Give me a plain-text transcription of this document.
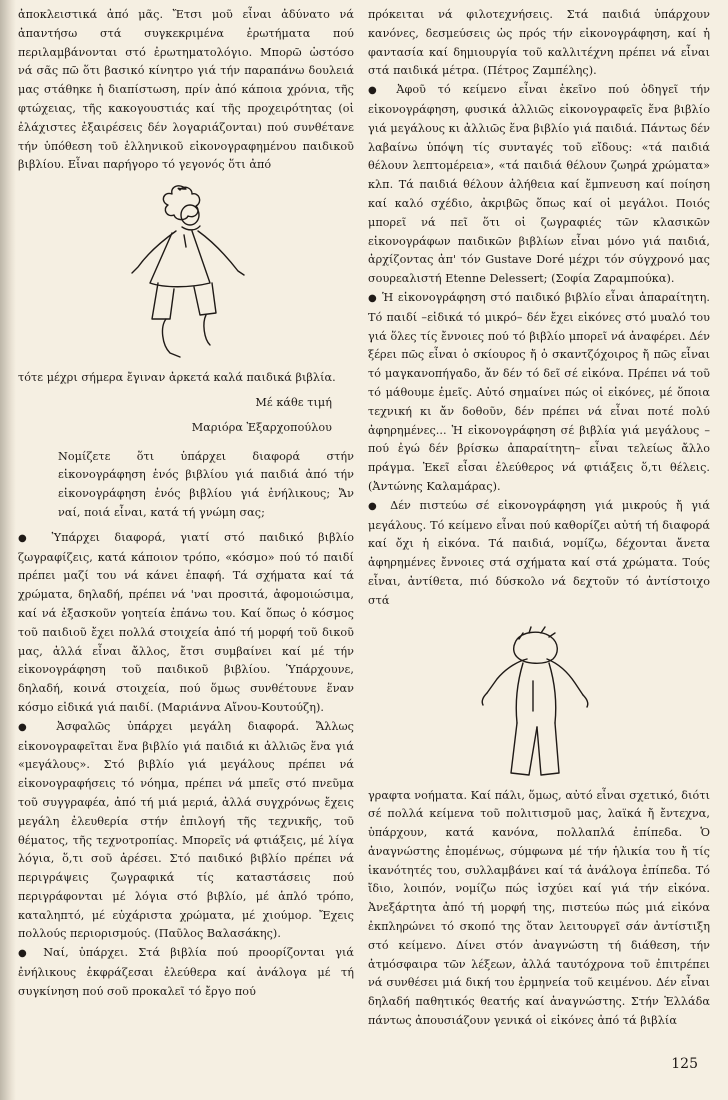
ἀποκλειστικά ἀπό μᾶς. Ἔτσι μοῦ εἶναι ἀδύνατο νά ἀπαντήσω στά συγκεκριμένα ἐρωτήματα πού περιλαμβάνονται στό ἐρωτηματολόγιο. Μπορῶ ὡστόσο νά σᾶς πῶ ὅτι βασικό κίνητρο γιά τήν παραπάνω δουλειά μας στάθηκε ἡ διαπίστωση, πρίν ἀπό κάποια χρόνια, τῆς φτώχειας, τῆς κακογουστιάς καί τῆς προχειρότητας (οἱ ἐλάχιστες ἐξαιρέσεις δέν λογαριάζονται) πού συνθέτανε τήν ὑπόθεση τοῦ ἑλληνικοῦ εἰκονογραφημένου παιδικοῦ βιβλίου. Εἶναι παρήγορο τό γεγονός ὅτι ἀπό

τότε μέχρι σήμερα ἔγιναν ἀρκετά καλά παιδικά βιβλία.

Μέ κάθε τιμή

Μαριόρα Ἐξαρχοπούλου

Νομίζετε ὅτι ὑπάρχει διαφορά στήν εἰκονογράφηση ἑνός βιβλίου γιά παιδιά ἀπό τήν εἰκονογράφηση ἑνός βιβλίου γιά ἐνήλικους; Ἄν ναί, ποιά εἶναι, κατά τή γνώμη σας;

● Ὑπάρχει διαφορά, γιατί στό παιδικό βιβλίο ζωγραφίζεις, κατά κάποιον τρόπο, «κόσμο» πού τό παιδί πρέπει μαζί του νά κάνει ἐπαφή. Τά σχήματα καί τά χρώματα, δηλαδή, πρέπει νά 'ναι προσιτά, ἀφομοιώσιμα, καί νά ἐξασκοῦν γοητεία ἐπάνω του. Καί ὅπως ὁ κόσμος τοῦ παιδιοῦ ἔχει πολλά στοιχεία ἀπό τή μορφή τοῦ δικοῦ μας, ἀλλά εἶναι ἄλλος, ἔτσι συμβαίνει καί μέ τήν εἰκονογράφηση τοῦ παιδικοῦ βιβλίου. Ὑπάρχουνε, δηλαδή, κοινά στοιχεία, πού ὅμως συνθέτουνε ἕναν κόσμο εἰδικά γιά παιδί. (Μαριάννα Αἴνου-Κουτούζη).

● Ἀσφαλῶς ὑπάρχει μεγάλη διαφορά. Ἄλλως εἰκονογραφεῖται ἕνα βιβλίο γιά παιδιά κι ἀλλιῶς ἕνα γιά «μεγάλους». Στό βιβλίο γιά μεγάλους πρέπει νά εἰκονογραφήσεις τό νόημα, πρέπει νά μπεῖς στό πνεῦμα τοῦ συγγραφέα, ἀπό τή μιά μεριά, ἀλλά συγχρόνως ἔχεις μεγάλη ἐλευθερία στήν ἐπιλογή τῆς τεχνικῆς, τοῦ θέματος, τῆς τεχνοτροπίας. Μπορεῖς νά φτιάξεις, μέ λίγα λόγια, ὅ,τι σοῦ ἀρέσει. Στό παιδικό βιβλίο πρέπει νά περιγράψεις ζωγραφικά τίς καταστάσεις πού περιγράφονται μέ λόγια στό βιβλίο, μέ ἁπλό τρόπο, καταληπτό, μέ εὐχάριστα χρώματα, μέ χιούμορ. Ἔχεις πολλούς περιορισμούς. (Παῦλος Βαλασάκης).

● Ναί, ὑπάρχει. Στά βιβλία πού προορίζονται γιά ἐνήλικους ἐκφράζεσαι ἐλεύθερα καί ἀνάλογα μέ τή συγκίνηση πού σοῦ προκαλεῖ τό ἔργο πού

πρόκειται νά φιλοτεχνήσεις. Στά παιδιά ὑπάρχουν κανόνες, δεσμεύσεις ὡς πρός τήν εἰκονογράφηση, καί ἡ φαντασία καί δημιουργία τοῦ καλλιτέχνη πρέπει νά εἶναι στά παιδικά μέτρα. (Πέτρος Ζαμπέλης).

● Ἀφοῦ τό κείμενο εἶναι ἐκεῖνο πού ὁδηγεῖ τήν εἰκονογράφηση, φυσικά ἀλλιῶς εἰκονογραφεῖς ἕνα βιβλίο γιά μεγάλους κι ἀλλιῶς ἕνα βιβλίο γιά παιδιά. Πάντως δέν λαβαίνω ὑπόψη τίς συνταγές τοῦ εἴδους: «τά παιδιά θέλουν λεπτομέρεια», «τά παιδιά θέλουν ζωηρά χρώματα» κλπ. Τά παιδιά θέλουν ἀλήθεια καί ἔμπνευση καί ποίηση καί καλό σχέδιο, ἀκριβῶς ὅπως καί οἱ μεγάλοι. Ποιός μπορεῖ νά πεῖ ὅτι οἱ ζωγραφιές τῶν κλασικῶν εἰκονογράφων παιδικῶν βιβλίων εἶναι μόνο γιά παιδιά, ἀρχίζοντας ἀπ' τόν Gustave Doré μέχρι τόν σύγχρονό μας σουρεαλιστή Etenne Delessert; (Σοφία Ζαραμπούκα).

● Ἡ εἰκονογράφηση στό παιδικό βιβλίο εἶναι ἀπαραίτητη. Τό παιδί –εἰδικά τό μικρό– δέν ἔχει εἰκόνες στό μυαλό του γιά ὅλες τίς ἔννοιες πού τό βιβλίο μπορεῖ νά ἀναφέρει. Δέν ξέρει πῶς εἶναι ὁ σκίουρος ἤ ὁ σκαντζόχοιρος ἤ πῶς εἶναι τό μαγκανοπήγαδο, ἄν δέν τό δεῖ σέ εἰκόνα. Πρέπει νά τοῦ τό μάθουμε ἐμεῖς. Αὐτό σημαίνει πώς οἱ εἰκόνες, μέ ὅποια τεχνική κι ἄν δοθοῦν, δέν πρέπει νά εἶναι ποτέ πολύ ἀφηρημένες... Ἡ εἰκονογράφηση σέ βιβλία γιά μεγάλους –πού ἐγώ δέν βρίσκω ἀπαραίτητη– εἶναι τελείως ἄλλο πράγμα. Ἐκεῖ εἶσαι ἐλεύθερος νά φτιάξεις ὅ,τι θέλεις. (Ἀντώνης Καλαμάρας).

● Δέν πιστεύω σέ εἰκονογράφηση γιά μικρούς ἤ γιά μεγάλους. Τό κείμενο εἶναι πού καθορίζει αὐτή τή διαφορά καί ὄχι ἡ εἰκόνα. Τά παιδιά, νομίζω, δέχονται ἄνετα ἀφηρημένες ἔννοιες στά σχήματα καί στά χρώματα. Τούς εἶναι, ἀντίθετα, πιό δύσκολο νά δεχτοῦν τό ἀντίστοιχο στά

γραφτα νοήματα. Καί πάλι, ὅμως, αὐτό εἶναι σχετικό, διότι σέ πολλά κείμενα τοῦ πολιτισμοῦ μας, λαϊκά ἤ ἔντεχνα, ὑπάρχουν, κατά κανόνα, πολλαπλά ἐπίπεδα. Ὁ ἀναγνώστης ἑπομένως, σύμφωνα μέ τήν ἡλικία του ἤ τίς ἱκανότητές του, συλλαμβάνει καί τά ἀνάλογα ἐπίπεδα. Τό ἴδιο, λοιπόν, νομίζω πώς ἰσχύει καί γιά τήν εἰκόνα. Ἀνεξάρτητα ἀπό τή μορφή της, πιστεύω πώς μιά εἰκόνα ἐκπληρώνει τό σκοπό της ὅταν λειτουργεῖ σάν ἀντίστιξη στό κείμενο. Δίνει στόν ἀναγνώστη τή διάθεση, τήν ἀτμόσφαιρα τῶν λέξεων, ἀλλά ταυτόχρονα τοῦ ἐπιτρέπει νά συνθέσει μιά δική του ἑρμηνεία τοῦ κειμένου. Δέν εἶναι δηλαδή παθητικός θεατής καί ἀναγνώστης. Στήν Ἑλλάδα πάντως ἀπουσιάζουν γενικά οἱ εἰκόνες ἀπό τά βιβλία

125
